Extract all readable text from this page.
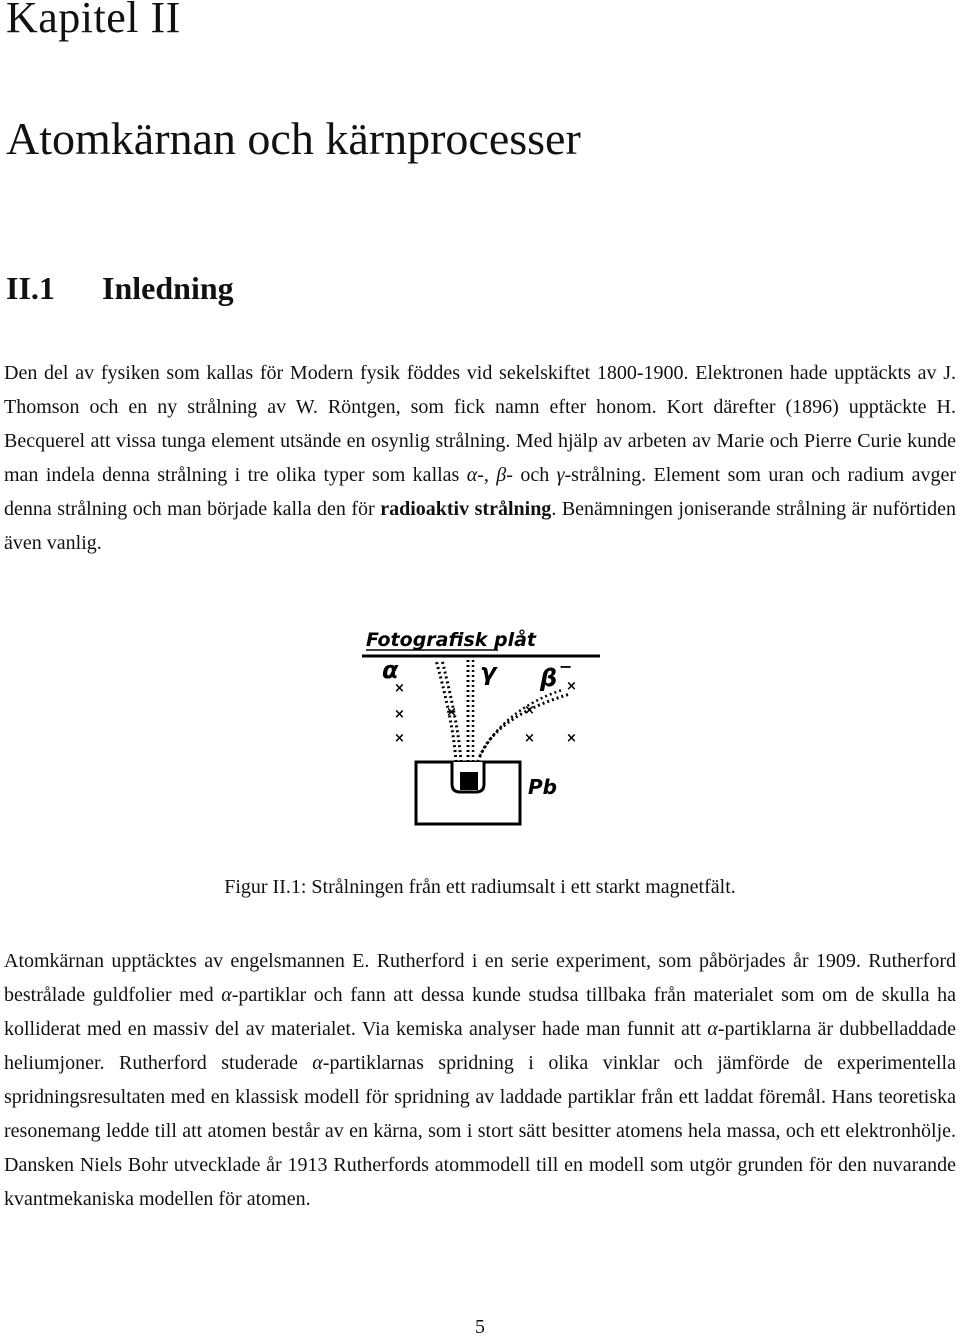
Kapitel II
Atomkärnan och kärnprocesser
II.1 Inledning

Den del av fysiken som kallas för Modern fysik föddes vid sekelskiftet 1800-1900. Elektronen hade upptäckts av J. Thomson och en ny strålning av W. Röntgen, som fick namn efter honom. Kort därefter (1896) upptäckte H. Becquerel att vissa tunga element utsände en osynlig strålning. Med hjälp av arbeten av Marie och Pierre Curie kunde man indela denna strålning i tre olika typer som kallas α-, β- och γ-strålning. Element som uran och radium avger denna strålning och man började kalla den för radioaktiv strålning. Benämningen joniserande strålning är nuförtiden även vanlig.

Fotografisk plåt
α	γ β −
×
×
×
×
×
×
×
×
Pb

Figur II.1: Strålningen från ett radiumsalt i ett starkt magnetfält.

Atomkärnan upptäcktes av engelsmannen E. Rutherford i en serie experiment, som påbörjades år 1909. Rutherford bestrålade guldfolier med α-partiklar och fann att dessa kunde studsa tillbaka från materialet som om de skulla ha kolliderat med en massiv del av materialet. Via kemiska analyser hade man funnit att α-partiklarna är dubbelladdade heliumjoner. Rutherford studerade α-partiklarnas spridning i olika vinklar och jämförde de experimentella spridningsresultaten med en klassisk modell för spridning av laddade partiklar från ett laddat föremål. Hans teoretiska resonemang ledde till att atomen består av en kärna, som i stort sätt besitter atomens hela massa, och ett elektronhölje. Dansken Niels Bohr utvecklade år 1913 Rutherfords atommodell till en modell som utgör grunden för den nuvarande kvantmekaniska modellen för atomen.

5
